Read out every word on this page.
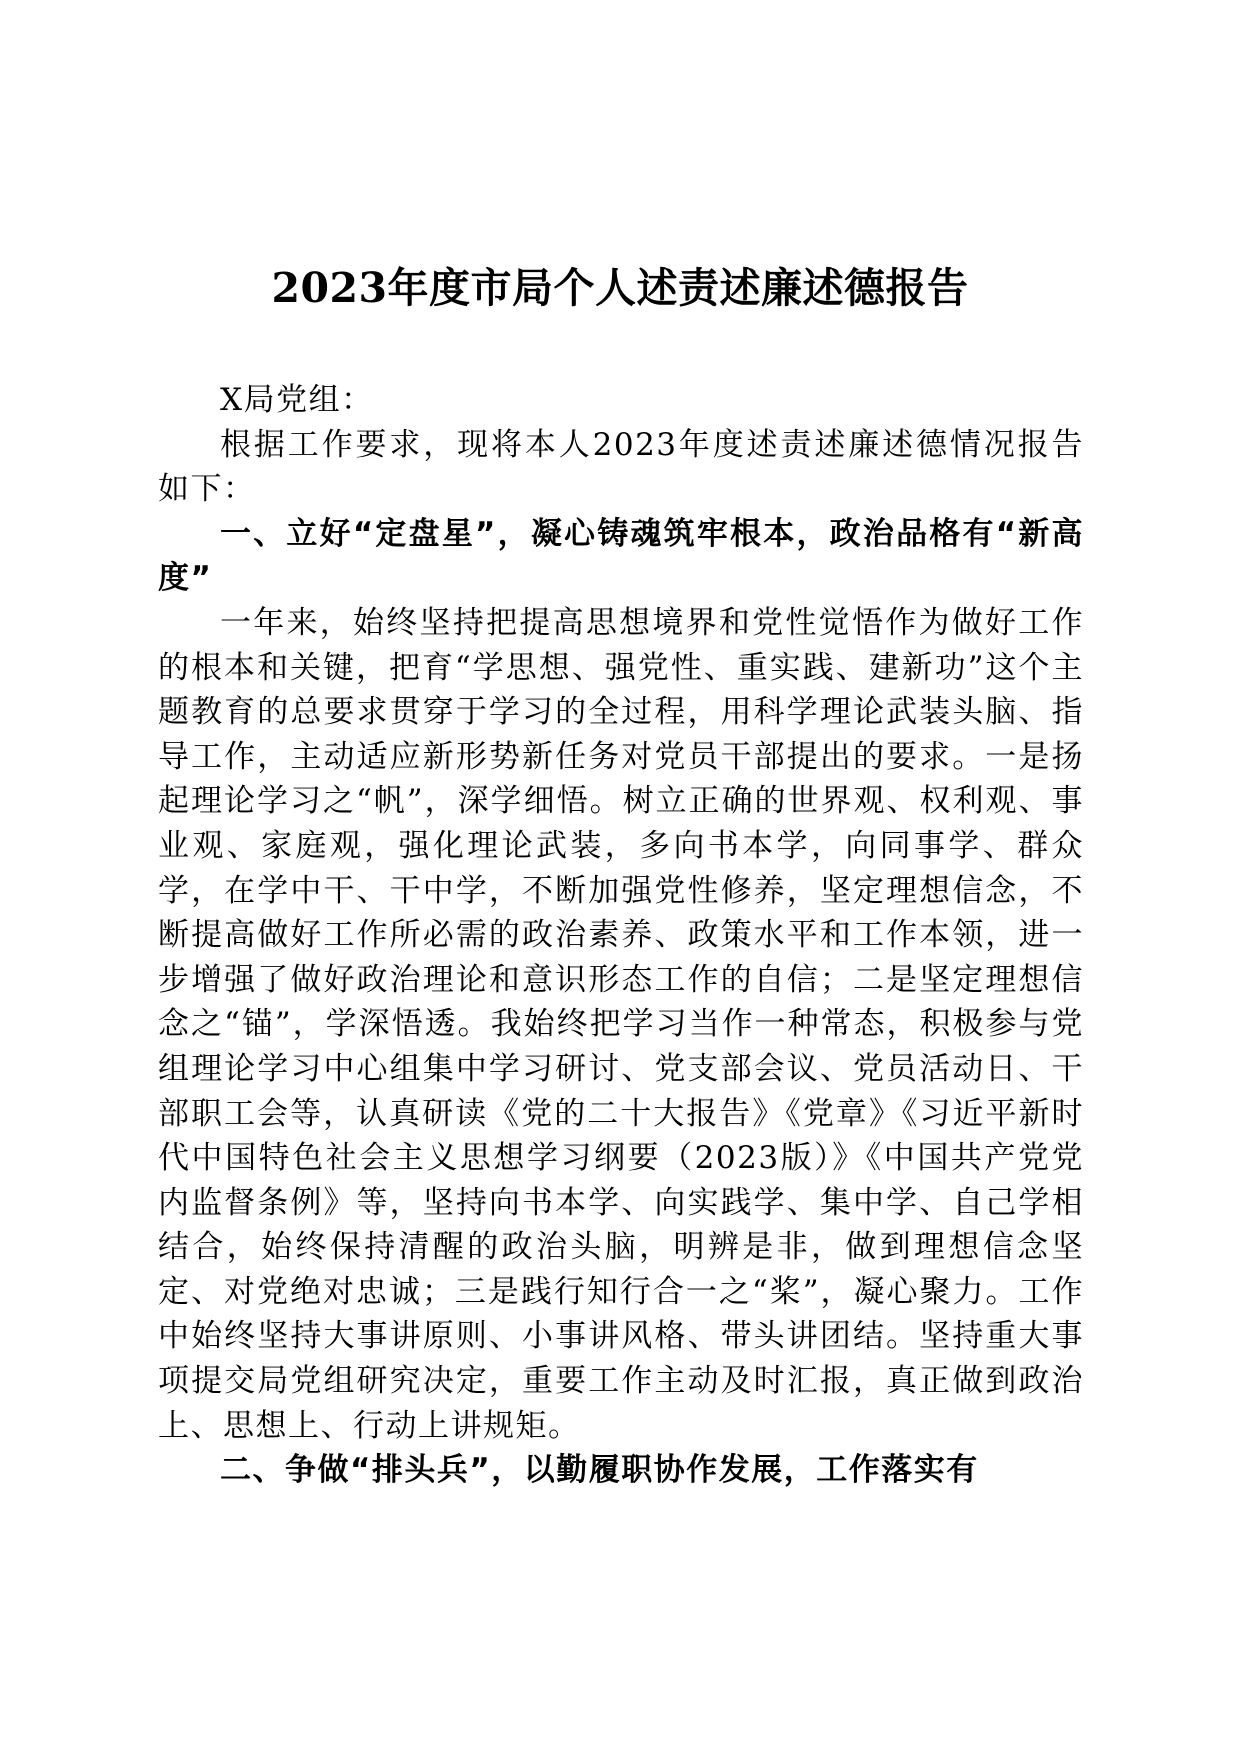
2023年度市局个人述责述廉述德报告

X局党组：

根据工作要求，现将本人2023年度述责述廉述德情况报告如下：

一、立好“定盘星”，凝心铸魂筑牢根本，政治品格有“新高度”

一年来，始终坚持把提高思想境界和党性觉悟作为做好工作的根本和关键，把育“学思想、强党性、重实践、建新功”这个主题教育的总要求贯穿于学习的全过程，用科学理论武装头脑、指导工作，主动适应新形势新任务对党员干部提出的要求。一是扬起理论学习之“帆”，深学细悟。树立正确的世界观、权利观、事业观、家庭观，强化理论武装，多向书本学，向同事学、群众学，在学中干、干中学，不断加强党性修养，坚定理想信念，不断提高做好工作所必需的政治素养、政策水平和工作本领，进一步增强了做好政治理论和意识形态工作的自信；二是坚定理想信念之“锚”，学深悟透。我始终把学习当作一种常态，积极参与党组理论学习中心组集中学习研讨、党支部会议、党员活动日、干部职工会等，认真研读《党的二十大报告》《党章》《习近平新时代中国特色社会主义思想学习纲要（2023版）》《中国共产党党内监督条例》等，坚持向书本学、向实践学、集中学、自己学相结合，始终保持清醒的政治头脑，明辨是非，做到理想信念坚定、对党绝对忠诚；三是践行知行合一之“桨”，凝心聚力。工作中始终坚持大事讲原则、小事讲风格、带头讲团结。坚持重大事项提交局党组研究决定，重要工作主动及时汇报，真正做到政治上、思想上、行动上讲规矩。

二、争做“排头兵”，以勤履职协作发展，工作落实有
